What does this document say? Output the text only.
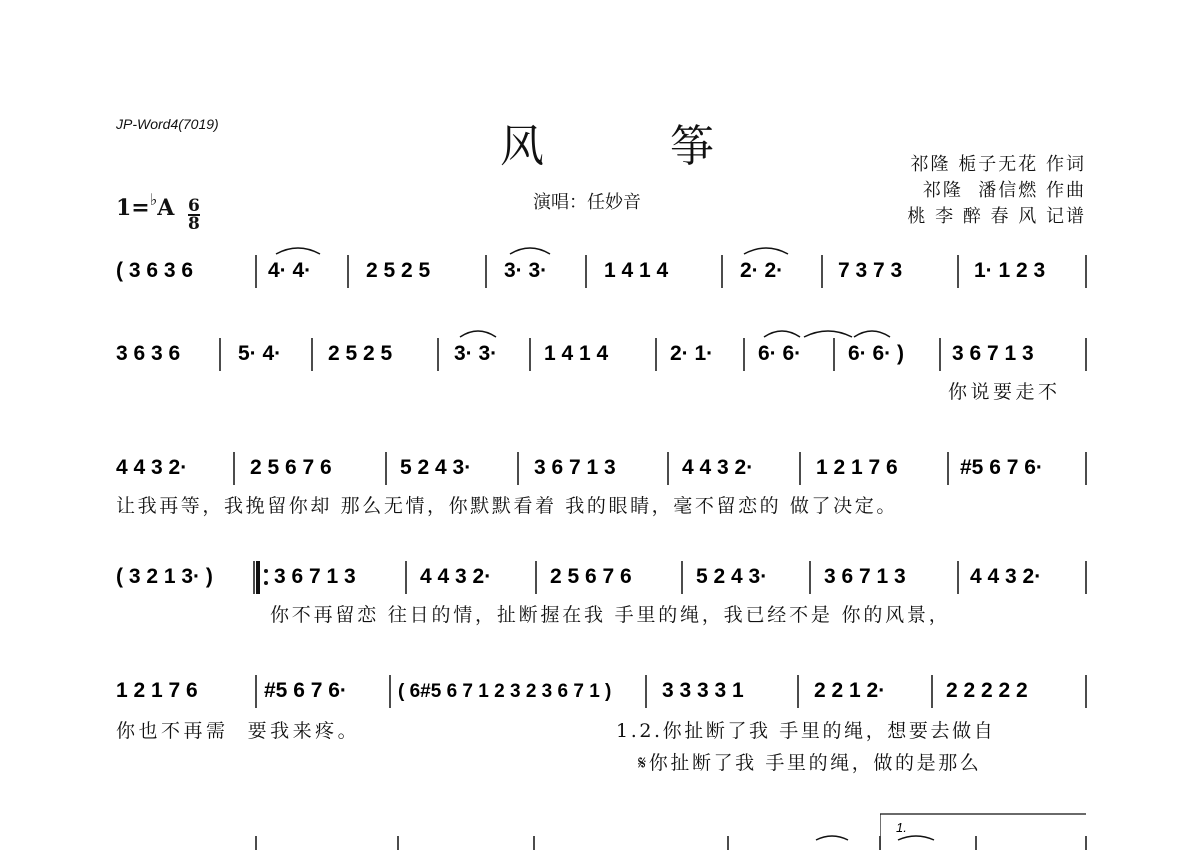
JP-Word4(7019)	风 筝
演唱：任妙音
祁隆 栀子无花 作词
祁隆  潘信燃 作曲
桃 李 醉 春 风 记谱
$1=^♭A \frac{6}{8}$
( 3 6 3 6	4· 4·	2 5 2 5	3· 3·	1 4 1 4	2· 2·	7 3 7 3	1· 1 2 3
3 6 3 6	5· 4· 2 5 2 5	3· 3· 1 4 1 4	2· 1· 6· 6· 6· 6· ) 3 6 7 1 3
你说要走不
4 4 3 2·	2 5 6 7 6	5 2 4 3·	3 6 7 1 3	4 4 3 2·	1 2 1 7 6	#5 6 7 6·
让我再等，我挽留你却 那么无情，你默默看着 我的眼睛，毫不留恋的 做了决定。
( 3 2 1 3· )	3 6 7 1 3	4 4 3 2·	2 5 6 7 6	5 2 4 3·	3 6 7 1 3	4 4 3 2·
你不再留恋 往日的情，扯断握在我 手里的绳，我已经不是 你的风景，
1 2 1 7 6	#5 6 7 6·	( 6#5 6 7 1 2 3 2 3 6 7 1 ) 3 3 3 3 1	2 2 1 2·	2 2 2 2 2
你也不再需  要我来疼。	1.2.你扯断了我 手里的绳，想要去做自
𝄋你扯断了我 手里的绳，做的是那么
1.
